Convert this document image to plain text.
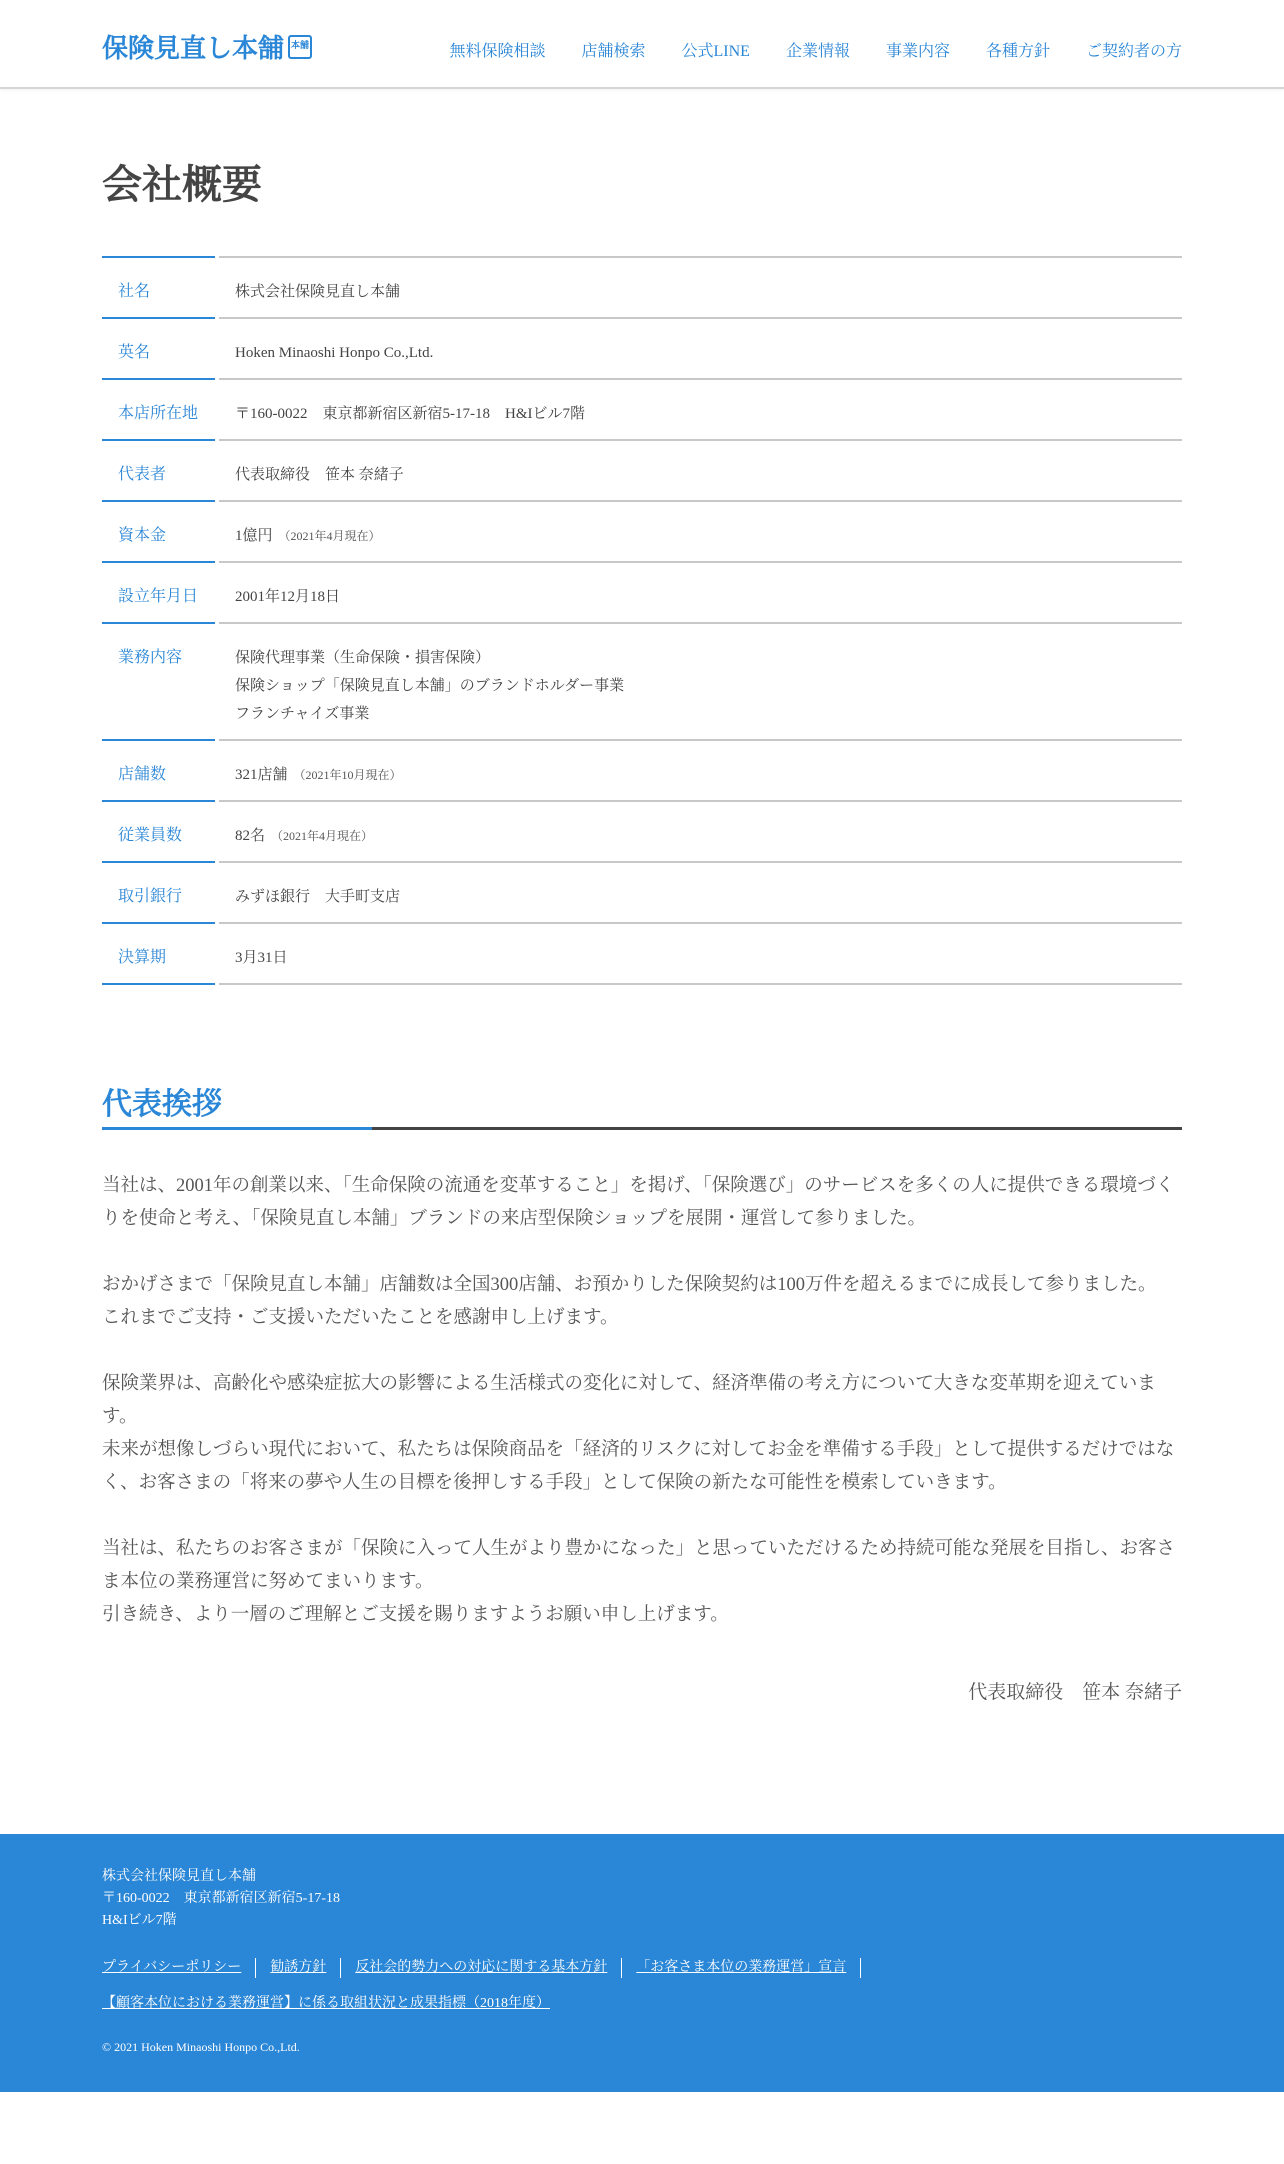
保険見直し本舗 本舗	無料保険相談 店舗検索 公式LINE 企業情報 事業内容 各種方針 ご契約者の方
会社概要
社名	株式会社保険見直し本舗
英名	Hoken Minaoshi Honpo Co.,Ltd.
本店所在地	〒160-0022　東京都新宿区新宿5-17-18　H&Iビル7階
代表者	代表取締役　笹本 奈緒子
資本金	1億円 （2021年4月現在）
設立年月日	2001年12月18日
業務内容	保険代理事業（生命保険・損害保険）
保険ショップ「保険見直し本舗」のブランドホルダー事業
フランチャイズ事業
店舗数	321店舗 （2021年10月現在）
従業員数	82名 （2021年4月現在）
取引銀行	みずほ銀行　大手町支店
決算期	3月31日
代表挨拶

当社は、2001年の創業以来、「生命保険の流通を変革すること」を掲げ、「保険選び」のサービスを多くの人に提供できる環境づくりを使命と考え、「保険見直し本舗」ブランドの来店型保険ショップを展開・運営して参りました。

おかげさまで「保険見直し本舗」店舗数は全国300店舗、お預かりした保険契約は100万件を超えるまでに成長して参りました。
これまでご支持・ご支援いただいたことを感謝申し上げます。

保険業界は、高齢化や感染症拡大の影響による生活様式の変化に対して、経済準備の考え方について大きな変革期を迎えています。
未来が想像しづらい現代において、私たちは保険商品を「経済的リスクに対してお金を準備する手段」として提供するだけではなく、お客さまの「将来の夢や人生の目標を後押しする手段」として保険の新たな可能性を模索していきます。

当社は、私たちのお客さまが「保険に入って人生がより豊かになった」と思っていただけるため持続可能な発展を目指し、お客さま本位の業務運営に努めてまいります。
引き続き、より一層のご理解とご支援を賜りますようお願い申し上げます。

代表取締役　笹本 奈緒子
株式会社保険見直し本舗
〒160-0022　東京都新宿区新宿5-17-18
H&Iビル7階
プライバシーポリシー	勧誘方針	反社会的勢力への対応に関する基本方針	「お客さま本位の業務運営」宣言
【顧客本位における業務運営】に係る取組状況と成果指標（2018年度）
© 2021 Hoken Minaoshi Honpo Co.,Ltd.
